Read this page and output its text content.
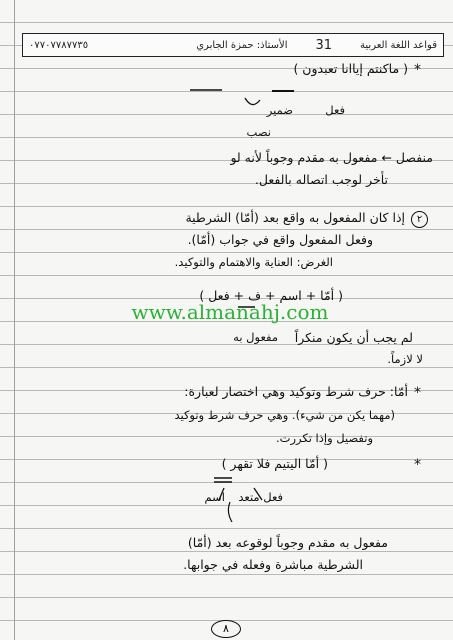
قواعد اللغة العربية
31
الأستاذ: حمزة الجابري
٠٧٧٠٧٧٨٧٧٣٥
*
( ماكنتم إياانا تعبدون )
ضمير	فعل
نصب
منفصل ← مفعول به مقدم وجوباً لأنه لو
تأخر لوجب اتصاله بالفعل.
٢
إذا كان المفعول به واقع بعد (أمّا) الشرطية
وفعل المفعول واقع في جواب (أمّا).
الغرض: العناية والاهتمام والتوكيد.
( أمّا + اسم + ف + فعل )
مفعول به لم يجب أن يكون منكراً
لا لازماً.
www.almanahj.com
*
أمّا: حرف شرط وتوكيد وهي اختصار لعبارة:
(مهما يكن من شيء). وهي حرف شرط وتوكيد
وتفصيل وإذا تكررت.
*
( أمّا اليتيم فلا تقهر )
اسم فعل متعد
مفعول به مقدم وجوباً لوقوعه بعد (أمّا)
الشرطية مباشرة وفعله في جوابها.
٨
